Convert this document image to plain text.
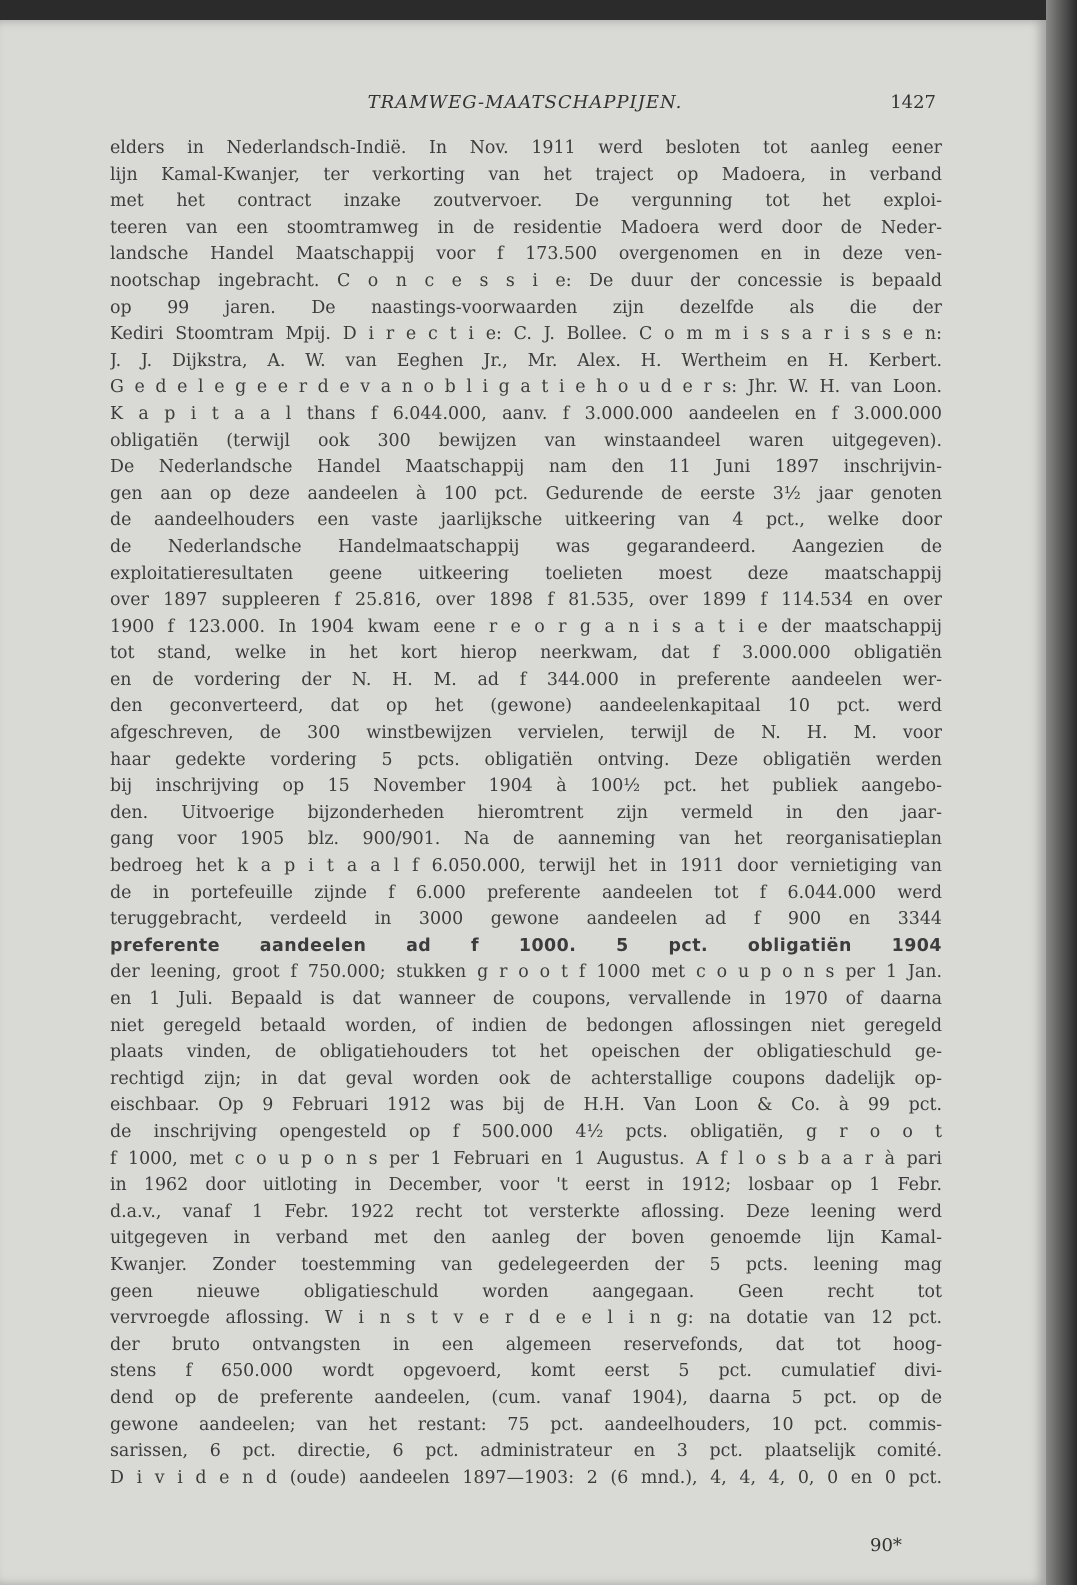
TRAMWEG-MAATSCHAPPIJEN.	1427
elders in Nederlandsch-Indië. In Nov. 1911 werd besloten tot aanleg eener
lijn Kamal-Kwanjer, ter verkorting van het traject op Madoera, in verband
met het contract inzake zoutvervoer. De vergunning tot het exploi-
teeren van een stoomtramweg in de residentie Madoera werd door de Neder-
landsche Handel Maatschappij voor f 173.500 overgenomen en in deze ven-
nootschap ingebracht. C o n c e s s i e: De duur der concessie is bepaald
op 99 jaren. De naastings-voorwaarden zijn dezelfde als die der
Kediri Stoomtram Mpij. D i r e c t i e: C. J. Bollee. C o m m i s s a r i s s e n:
J. J. Dijkstra, A. W. van Eeghen Jr., Mr. Alex. H. Wertheim en H. Kerbert.
G e d e l e g e e r d e v a n o b l i g a t i e h o u d e r s: Jhr. W. H. van Loon.
K a p i t a a l thans f 6.044.000, aanv. f 3.000.000 aandeelen en f 3.000.000
obligatiën (terwijl ook 300 bewijzen van winstaandeel waren uitgegeven).
De Nederlandsche Handel Maatschappij nam den 11 Juni 1897 inschrijvin-
gen aan op deze aandeelen à 100 pct. Gedurende de eerste 3½ jaar genoten
de aandeelhouders een vaste jaarlijksche uitkeering van 4 pct., welke door
de Nederlandsche Handelmaatschappij was gegarandeerd. Aangezien de
exploitatieresultaten geene uitkeering toelieten moest deze maatschappij
over 1897 suppleeren f 25.816, over 1898 f 81.535, over 1899 f 114.534 en over
1900 f 123.000. In 1904 kwam eene r e o r g a n i s a t i e der maatschappij
tot stand, welke in het kort hierop neerkwam, dat f 3.000.000 obligatiën
en de vordering der N. H. M. ad f 344.000 in preferente aandeelen wer-
den geconverteerd, dat op het (gewone) aandeelenkapitaal 10 pct. werd
afgeschreven, de 300 winstbewijzen vervielen, terwijl de N. H. M. voor
haar gedekte vordering 5 pcts. obligatiën ontving. Deze obligatiën werden
bij inschrijving op 15 November 1904 à 100½ pct. het publiek aangebo-
den. Uitvoerige bijzonderheden hieromtrent zijn vermeld in den jaar-
gang voor 1905 blz. 900/901. Na de aanneming van het reorganisatieplan
bedroeg het k a p i t a a l f 6.050.000, terwijl het in 1911 door vernietiging van
de in portefeuille zijnde f 6.000 preferente aandeelen tot f 6.044.000 werd
teruggebracht, verdeeld in 3000 gewone aandeelen ad f 900 en 3344
preferente aandeelen ad f 1000. 5 pct. obligatiën 1904
der leening, groot f 750.000; stukken g r o o t f 1000 met c o u p o n s per 1 Jan.
en 1 Juli. Bepaald is dat wanneer de coupons, vervallende in 1970 of daarna
niet geregeld betaald worden, of indien de bedongen aflossingen niet geregeld
plaats vinden, de obligatiehouders tot het opeischen der obligatieschuld ge-
rechtigd zijn; in dat geval worden ook de achterstallige coupons dadelijk op-
eischbaar. Op 9 Februari 1912 was bij de H.H. Van Loon & Co. à 99 pct.
de inschrijving opengesteld op f 500.000 4½ pcts. obligatiën, g r o o t
f 1000, met c o u p o n s per 1 Februari en 1 Augustus. A f l o s b a a r à pari
in 1962 door uitloting in December, voor 't eerst in 1912; losbaar op 1 Febr.
d.a.v., vanaf 1 Febr. 1922 recht tot versterkte aflossing. Deze leening werd
uitgegeven in verband met den aanleg der boven genoemde lijn Kamal-
Kwanjer. Zonder toestemming van gedelegeerden der 5 pcts. leening mag
geen nieuwe obligatieschuld worden aangegaan. Geen recht tot
vervroegde aflossing. W i n s t v e r d e e l i n g: na dotatie van 12 pct.
der bruto ontvangsten in een algemeen reservefonds, dat tot hoog-
stens f 650.000 wordt opgevoerd, komt eerst 5 pct. cumulatief divi-
dend op de preferente aandeelen, (cum. vanaf 1904), daarna 5 pct. op de
gewone aandeelen; van het restant: 75 pct. aandeelhouders, 10 pct. commis-
sarissen, 6 pct. directie, 6 pct. administrateur en 3 pct. plaatselijk comité.
D i v i d e n d (oude) aandeelen 1897—1903: 2 (6 mnd.), 4, 4, 4, 0, 0 en 0 pct.
90*
